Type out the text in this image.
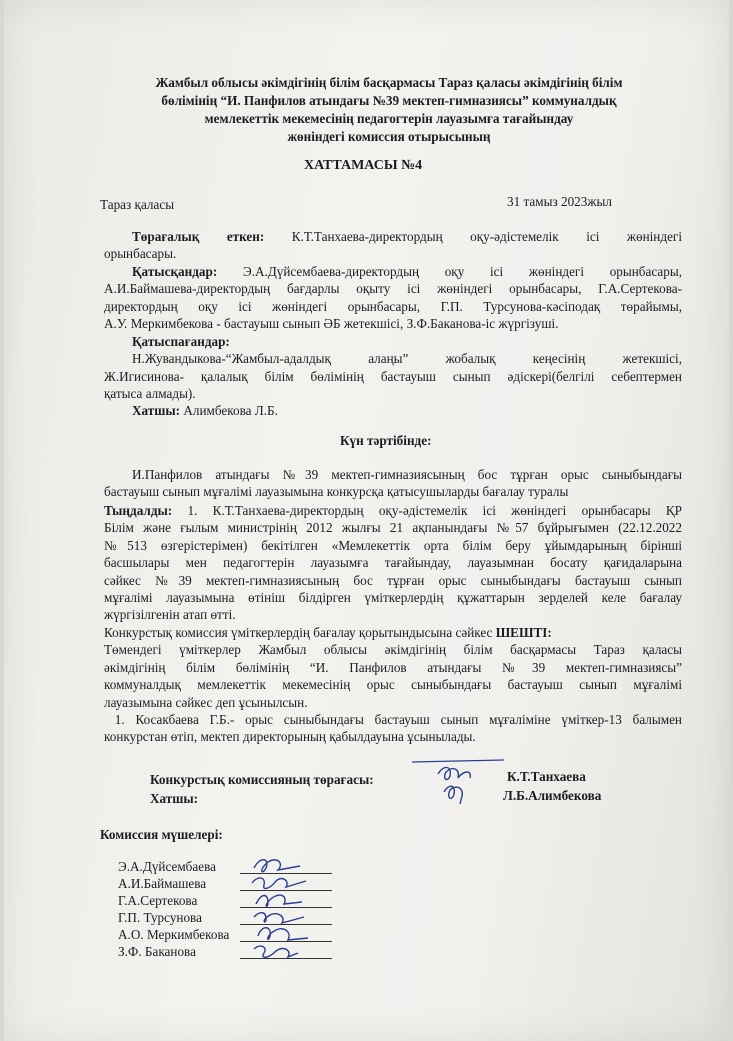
Жамбыл облысы әкімдігінің білім басқармасы Тараз қаласы әкімдігінің білім
бөлімінің “И. Панфилов атындағы №39 мектеп-гимназиясы” коммуналдық
мемлекеттік мекемесінің педагогтерін лауазымға тағайындау
жөніндегі комиссия отырысының
ХАТТАМАСЫ №4
Тараз қаласы	31 тамыз 2023жыл

Төрағалық еткен: К.Т.Танхаева-директордың оқу-әдістемелік ісі жөніндегі

орынбасары.

Қатысқандар: Э.А.Дүйсембаева-директордың оқу ісі жөніндегі орынбасары,

А.И.Баймашева-директордың бағдарлы оқыту ісі жөніндегі орынбасары, Г.А.Сертекова-

директордың оқу ісі жөніндегі орынбасары, Г.П. Турсунова-кәсіподақ төрайымы,

А.У. Меркимбекова - бастауыш сынып ӘБ жетекшісі, З.Ф.Баканова-іс жүргізуші.

Қатыспағандар:

Н.Жувандыкова-“Жамбыл-адалдық алаңы” жобалық кеңесінің жетекшісі,

Ж.Игисинова- қалалық білім бөлімінің бастауыш сынып әдіскері(белгілі себептермен

қатыса алмады).

Хатшы: Алимбекова Л.Б.

Күн тәртібінде:

И.Панфилов атындағы №39 мектеп-гимназиясының бос тұрған орыс сыныбындағы

бастауыш сынып мұғалімі лауазымына конкурсқа қатысушыларды бағалау туралы

Тыңдалды: 1. К.Т.Танхаева-директордың оқу-әдістемелік ісі жөніндегі орынбасары ҚР

Білім және ғылым министрінің 2012 жылғы 21 ақпанындағы №57 бұйрығымен (22.12.2022

№513 өзгерістерімен) бекітілген «Мемлекеттік орта білім беру ұйымдарының бірінші

басшылары мен педагогтерін лауазымға тағайындау, лауазымнан босату қағидаларына

сәйкес №39 мектеп-гимназиясының бос тұрған орыс сыныбындағы бастауыш сынып

мұғалімі лауазымына өтініш білдірген үміткерлердің құжаттарын зерделей келе бағалау

жүргізілгенін атап өтті.

Конкурстық комиссия үміткерлердің бағалау қорытындысына сәйкес ШЕШТІ:

Төмендегі үміткерлер Жамбыл облысы әкімдігінің білім басқармасы Тараз қаласы

әкімдігінің білім бөлімінің “И. Панфилов атындағы №39 мектеп-гимназиясы”

коммуналдық мемлекеттік мекемесінің орыс сыныбындағы бастауыш сынып мұғалімі

лауазымына сәйкес деп ұсынылсын.

1. Косакбаева Г.Б.- орыс сыныбындағы бастауыш сынып мұғаліміне үміткер-13 балымен

конкурстан өтіп, мектеп директорының қабылдауына ұсынылады.

Конкурстық комиссияның төрағасы:
Хатшы:
К.Т.Танхаева
Л.Б.Алимбекова
Комиссия мүшелері:
Э.А.Дүйсембаева
А.И.Баймашева
Г.А.Сертекова
Г.П. Турсунова
А.О. Меркимбекова
З.Ф. Баканова
